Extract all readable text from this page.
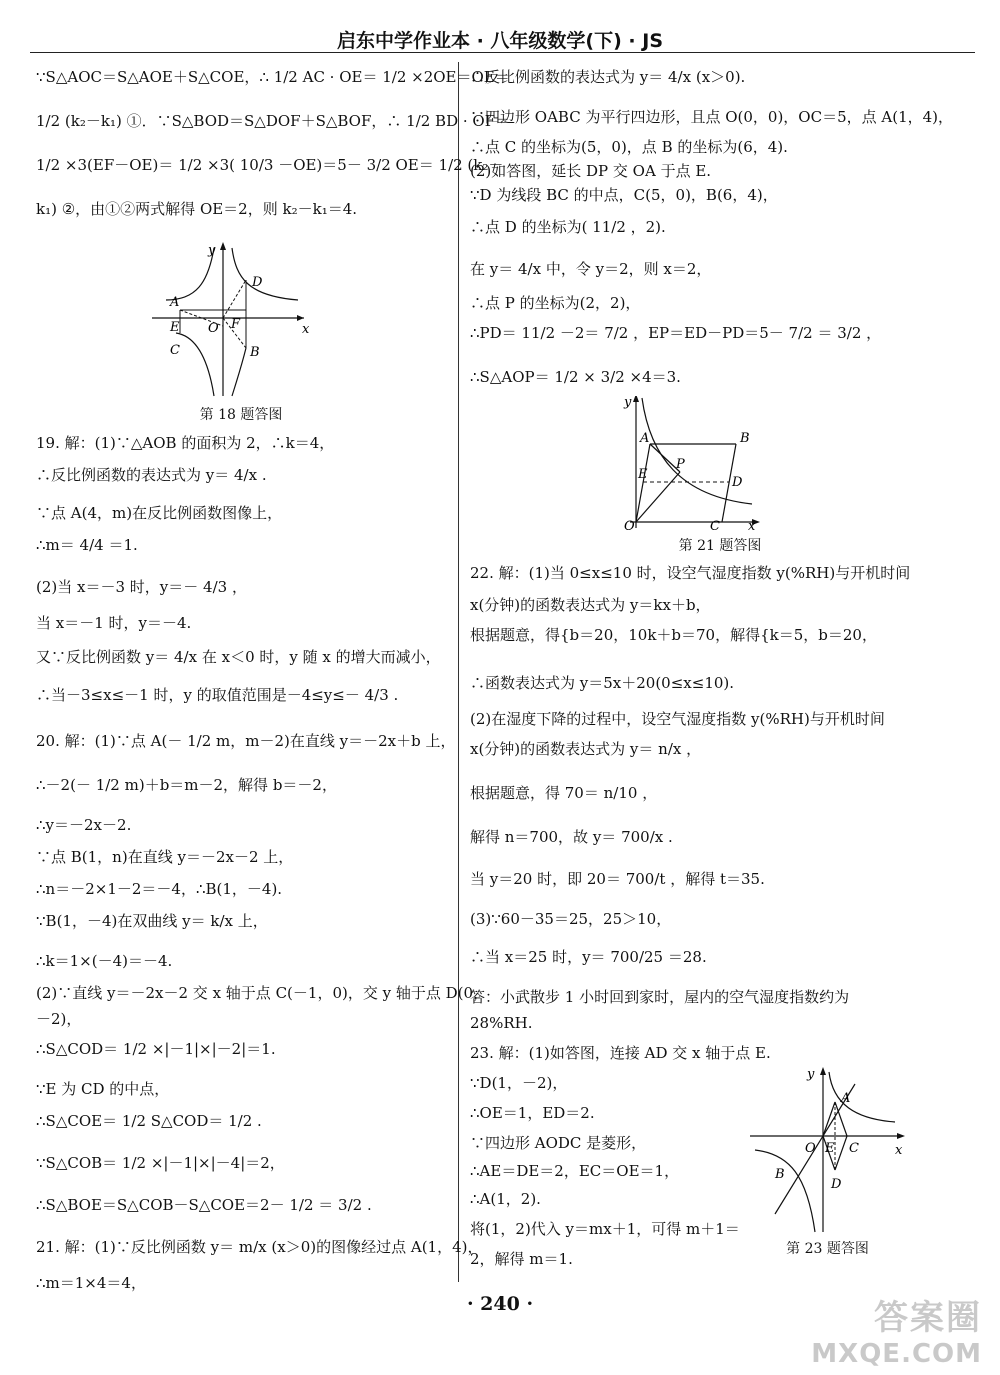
启东中学作业本 · 八年级数学(下) · JS

∵S△AOC＝S△AOE＋S△COE，∴ 1/2 AC · OE＝ 1/2 ×2OE＝OE＝

1/2 (k₂－k₁) ①．∵S△BOD＝S△DOF＋S△BOF，∴ 1/2 BD · OF＝

1/2 ×3(EF－OE)＝ 1/2 ×3( 10/3 －OE)＝5－ 3/2 OE＝ 1/2 (k₂－

k₁) ②，由①②两式解得 OE＝2，则 k₂－k₁＝4.

y
x
A
D
E O F
C	B
第 18 题答图

19. 解：(1)∵△AOB 的面积为 2，∴k＝4，

∴反比例函数的表达式为 y＝ 4/x .

∵点 A(4，m)在反比例函数图像上，

∴m＝ 4/4 ＝1.

(2)当 x＝－3 时，y＝－ 4/3 ，

当 x＝－1 时，y＝－4.

又∵反比例函数 y＝ 4/x 在 x＜0 时，y 随 x 的增大而减小，

∴当－3≤x≤－1 时，y 的取值范围是－4≤y≤－ 4/3 .

20. 解：(1)∵点 A(－ 1/2 m，m－2)在直线 y＝－2x＋b 上，

∴－2(－ 1/2 m)＋b＝m－2，解得 b＝－2，

∴y＝－2x－2.

∵点 B(1，n)在直线 y＝－2x－2 上，

∴n＝－2×1－2＝－4，∴B(1，－4).

∵B(1，－4)在双曲线 y＝ k/x 上，

∴k＝1×(－4)＝－4.

(2)∵直线 y＝－2x－2 交 x 轴于点 C(－1，0)，交 y 轴于点 D(0，

－2)，

∴S△COD＝ 1/2 ×|－1|×|－2|＝1.

∵E 为 CD 的中点，

∴S△COE＝ 1/2 S△COD＝ 1/2 .

∵S△COB＝ 1/2 ×|－1|×|－4|＝2，

∴S△BOE＝S△COB－S△COE＝2－ 1/2 ＝ 3/2 .

21. 解：(1)∵反比例函数 y＝ m/x (x＞0)的图像经过点 A(1，4)，

∴m＝1×4＝4，

∴反比例函数的表达式为 y＝ 4/x (x＞0).

∵四边形 OABC 为平行四边形，且点 O(0，0)，OC＝5，点 A(1，4)，

∴点 C 的坐标为(5，0)，点 B 的坐标为(6，4).

(2)如答图，延长 DP 交 OA 于点 E.

∵D 为线段 BC 的中点，C(5，0)，B(6，4)，

∴点 D 的坐标为( 11/2 ，2).

在 y＝ 4/x 中，令 y＝2，则 x＝2，

∴点 P 的坐标为(2，2)，

∴PD＝ 11/2 －2＝ 7/2 ，EP＝ED－PD＝5－ 7/2 ＝ 3/2 ，

∴S△AOP＝ 1/2 × 3/2 ×4＝3.

y
A	B
E
P
D
O	C x
第 21 题答图

22. 解：(1)当 0≤x≤10 时，设空气湿度指数 y(%RH)与开机时间

x(分钟)的函数表达式为 y＝kx＋b，

根据题意，得{b＝20，10k＋b＝70，解得{k＝5，b＝20，

∴函数表达式为 y＝5x＋20(0≤x≤10).

(2)在湿度下降的过程中，设空气湿度指数 y(%RH)与开机时间

x(分钟)的函数表达式为 y＝ n/x ，

根据题意，得 70＝ n/10 ，

解得 n＝700，故 y＝ 700/x .

当 y＝20 时，即 20＝ 700/t ，解得 t＝35.

(3)∵60－35＝25，25＞10，

∴当 x＝25 时，y＝ 700/25 ＝28.

答：小武散步 1 小时回到家时，屋内的空气湿度指数约为

28%RH.

23. 解：(1)如答图，连接 AD 交 x 轴于点 E.

∵D(1，－2)，

∴OE＝1，ED＝2.

∵四边形 AODC 是菱形，

∴AE＝DE＝2，EC＝OE＝1，

∴A(1，2).

将(1，2)代入 y＝mx＋1，可得 m＋1＝

2，解得 m＝1.

y
A
O E C	x
B
D
第 23 题答图
· 240 ·	答案圈
MXQE.COM
